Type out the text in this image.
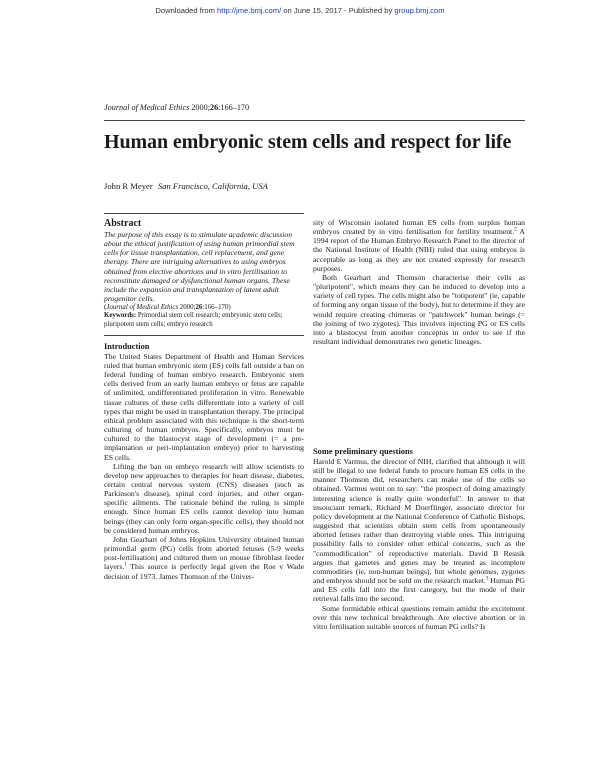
Downloaded from http://jme.bmj.com/ on June 15, 2017 - Published by group.bmj.com
Journal of Medical Ethics 2000;26:166–170
Human embryonic stem cells and respect for life
John R Meyer San Francisco, California, USA
Abstract

The purpose of this essay is to stimulate academic discussion about the ethical justification of using human primordial stem cells for tissue transplantation, cell replacement, and gene therapy. There are intriguing alternatives to using embryos obtained from elective abortions and in vitro fertilisation to reconstitute damaged or dysfunctional human organs. These include the expansion and transplantation of latent adult progenitor cells.

(Journal of Medical Ethics 2000;26:166–170)

Keywords: Primordial stem cell research; embryonic stem cells; pluripotent stem cells; embryo research

Introduction

The United States Department of Health and Human Services ruled that human embryonic stem (ES) cells fall outside a ban on federal funding of human embryo research. Embryonic stem cells derived from an early human embryo or fetus are capable of unlimited, undifferentiated proliferation in vitro. Renewable tissue cultures of these cells differentiate into a variety of cell types that might be used in transplantation therapy. The principal ethical problem associated with this technique is the short-term culturing of human embryos. Specifically, embryos must be cultured to the blastocyst stage of development (= a pre-implantation or peri-implantation embryo) prior to harvesting ES cells.

Lifting the ban on embryo research will allow scientists to develop new approaches to therapies for heart disease, diabetes, certain central nervous system (CNS) diseases (such as Parkinson's disease), spinal cord injuries, and other organ-specific ailments. The rationale behind the ruling is simple enough. Since human ES cells cannot develop into human beings (they can only form organ-specific cells), they should not be considered human embryos.

John Gearhart of Johns Hopkins University obtained human primordial germ (PG) cells from aborted fetuses (5-9 weeks post-fertilisation) and cultured them on mouse fibroblast feeder layers.$^1$ This source is perfectly legal given the Roe v Wade decision of 1973. James Thomson of the Univer-

sity of Wisconsin isolated human ES cells from surplus human embryos created by in vitro fertilisation for fertility treatment.$^2$ A 1994 report of the Human Embryo Research Panel to the director of the National Institute of Health (NIH) ruled that using embryos is acceptable as long as they are not created expressly for research purposes.

Both Gearhart and Thomson characterise their cells as "pluripotent", which means they can be induced to develop into a variety of cell types. The cells might also be "totipotent" (ie, capable of forming any organ tissue of the body), but to determine if they are would require creating chimeras or "patchwork" human beings (= the joining of two zygotes). This involves injecting PG or ES cells into a blastocyst from another conceptus in order to see if the resultant individual demonstrates two genetic lineages.

Some preliminary questions

Harold E Varmus, the director of NIH, clarified that although it will still be illegal to use federal funds to procure human ES cells in the manner Thomson did, researchers can make use of the cells so obtained. Varmus went on to say: "the prospect of doing amazingly interesting science is really quite wonderful". In answer to that insouciant remark, Richard M Doerflinger, associate director for policy development at the National Conference of Catholic Bishops, suggested that scientists obtain stem cells from spontaneously aborted fetuses rather than destroying viable ones. This intriguing possibility fails to consider other ethical concerns, such as the "commodification" of reproductive materials. David B Resnik argues that gametes and genes may be treated as incomplete commodities (ie, non-human beings), but whole genomes, zygotes and embryos should not be sold on the research market.$^3$ Human PG and ES cells fall into the first category, but the mode of their retrieval falls into the second.

Some formidable ethical questions remain amidst the excitement over this new technical breakthrough. Are elective abortion or in vitro fertilisation suitable sources of human PG cells? Is
